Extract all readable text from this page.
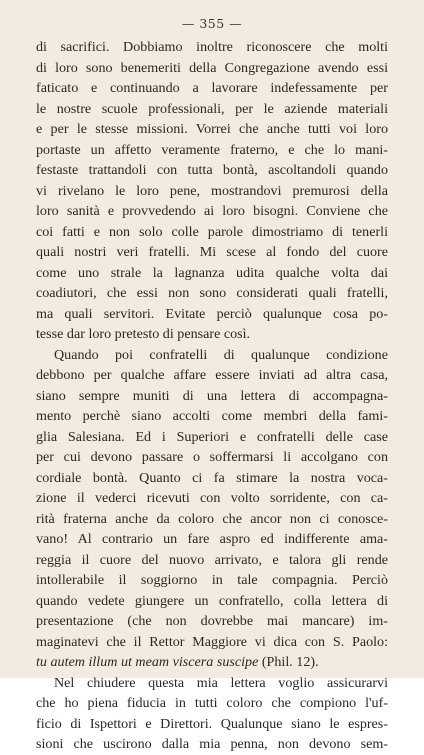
— 355 —
di sacrifici. Dobbiamo inoltre riconoscere che molti
di loro sono benemeriti della Congregazione avendo essi
faticato e continuando a lavorare indefessamente per
le nostre scuole professionali, per le aziende materiali
e per le stesse missioni. Vorrei che anche tutti voi loro
portaste un affetto veramente fraterno, e che lo mani-
festaste trattandoli con tutta bontà, ascoltandoli quando
vi rivelano le loro pene, mostrandovi premurosi della
loro sanità e provvedendo ai loro bisogni. Conviene che
coi fatti e non solo colle parole dimostriamo di tenerli
quali nostri veri fratelli. Mi scese al fondo del cuore
come uno strale la lagnanza udita qualche volta dai
coadiutori, che essi non sono considerati quali fratelli,
ma quali servitori. Evitate perciò qualunque cosa po-
tesse dar loro pretesto di pensare così.
Quando poi confratelli di qualunque condizione
debbono per qualche affare essere inviati ad altra casa,
siano sempre muniti di una lettera di accompagna-
mento perchè siano accolti come membri della fami-
glia Salesiana. Ed i Superiori e confratelli delle case
per cui devono passare o soffermarsi li accolgano con
cordiale bontà. Quanto ci fa stimare la nostra voca-
zione il vederci ricevuti con volto sorridente, con ca-
rità fraterna anche da coloro che ancor non ci conosce-
vano! Al contrario un fare aspro ed indifferente ama-
reggia il cuore del nuovo arrivato, e talora gli rende
intollerabile il soggiorno in tale compagnia. Perciò
quando vedete giungere un confratello, colla lettera di
presentazione (che non dovrebbe mai mancare) im-
maginatevi che il Rettor Maggiore vi dica con S. Paolo:
tu autem illum ut meam viscera suscipe (Phil. 12).
Nel chiudere questa mia lettera voglio assicurarvi
che ho piena fiducia in tutti coloro che compiono l'uf-
ficio di Ispettori e Direttori. Qualunque siano le espres-
sioni che uscirono dalla mia penna, non devono sem-
